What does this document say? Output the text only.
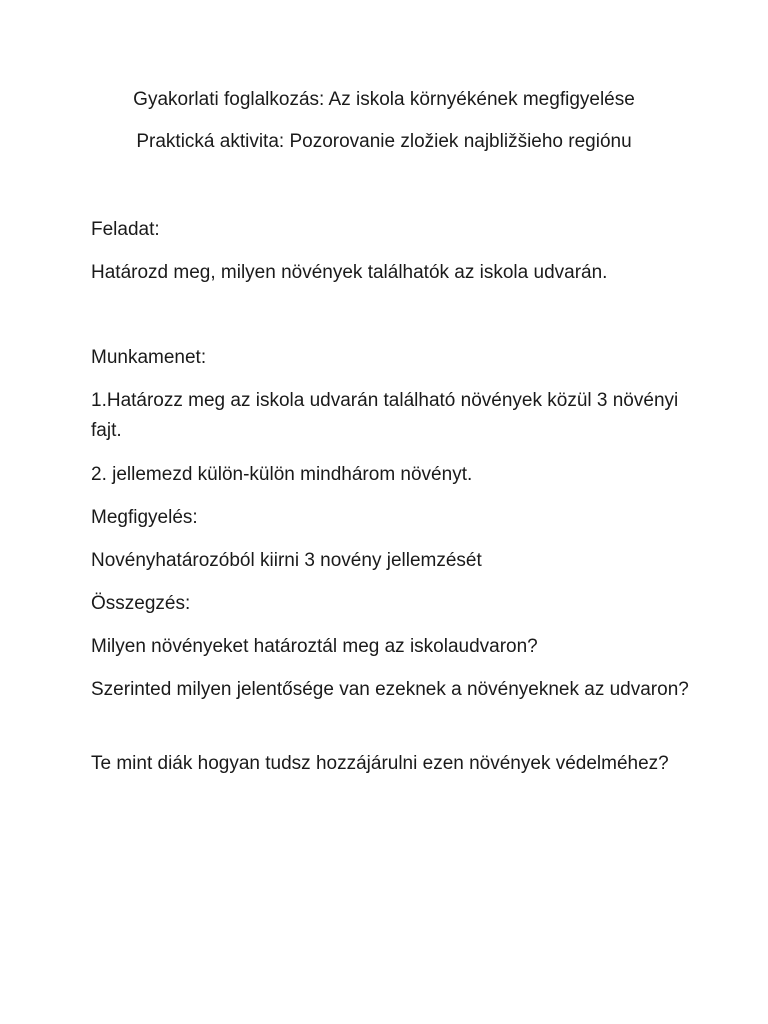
Gyakorlati foglalkozás: Az iskola környékének megfigyelése
Praktická aktivita: Pozorovanie zložiek najbližšieho regiónu

Feladat:

Határozd meg, milyen növények találhatók az iskola udvarán.

Munkamenet:

1.Határozz meg az iskola udvarán található növények közül 3 növényi fajt.

2. jellemezd külön-külön mindhárom növényt.

Megfigyelés:

Novényhatározóból kiirni 3 novény jellemzését

Összegzés:

Milyen növényeket határoztál meg az iskolaudvaron?

Szerinted milyen jelentősége van ezeknek a növényeknek az udvaron?

Te mint diák hogyan tudsz hozzájárulni ezen növények védelméhez?
